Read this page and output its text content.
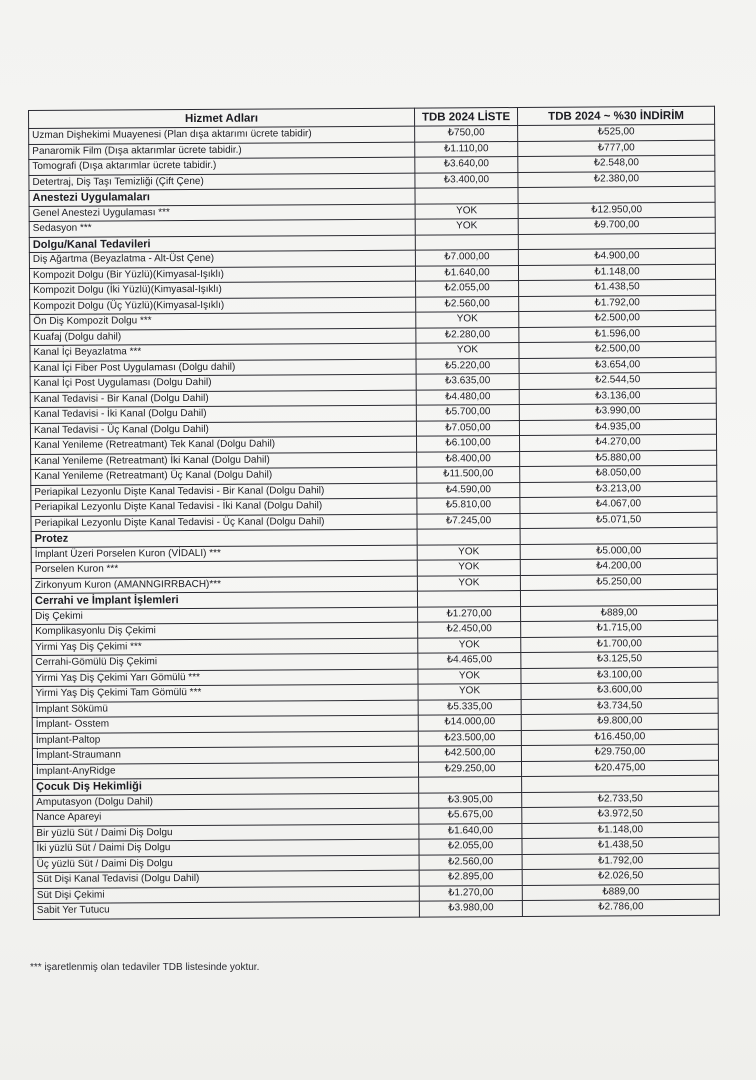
Hizmet Adları	TDB 2024 LİSTE	TDB 2024 ~ %30 İNDİRİM
Uzman Dişhekimi Muayenesi (Plan dışa aktarımı ücrete tabidir)	₺750,00	₺525,00
Panaromik Film (Dışa aktarımlar ücrete tabidir.)	₺1.110,00	₺777,00
Tomografi (Dışa aktarımlar ücrete tabidir.)	₺3.640,00	₺2.548,00
Detertraj, Diş Taşı Temizliği (Çift Çene)	₺3.400,00	₺2.380,00
Anestezi Uygulamaları		
Genel Anestezi Uygulaması ***	YOK	₺12.950,00
Sedasyon ***	YOK	₺9.700,00
Dolgu/Kanal Tedavileri		
Diş Ağartma (Beyazlatma - Alt-Üst Çene)	₺7.000,00	₺4.900,00
Kompozit Dolgu (Bir Yüzlü)(Kimyasal-Işıklı)	₺1.640,00	₺1.148,00
Kompozit Dolgu (İki Yüzlü)(Kimyasal-Işıklı)	₺2.055,00	₺1.438,50
Kompozit Dolgu (Üç Yüzlü)(Kimyasal-Işıklı)	₺2.560,00	₺1.792,00
Ön Diş Kompozit Dolgu ***	YOK	₺2.500,00
Kuafaj (Dolgu dahil)	₺2.280,00	₺1.596,00
Kanal İçi Beyazlatma ***	YOK	₺2.500,00
Kanal İçi Fiber Post Uygulaması (Dolgu dahil)	₺5.220,00	₺3.654,00
Kanal İçi Post Uygulaması (Dolgu Dahil)	₺3.635,00	₺2.544,50
Kanal Tedavisi - Bir Kanal (Dolgu Dahil)	₺4.480,00	₺3.136,00
Kanal Tedavisi - İki Kanal (Dolgu Dahil)	₺5.700,00	₺3.990,00
Kanal Tedavisi - Üç Kanal (Dolgu Dahil)	₺7.050,00	₺4.935,00
Kanal Yenileme (Retreatmant) Tek Kanal (Dolgu Dahil)	₺6.100,00	₺4.270,00
Kanal Yenileme (Retreatmant) İki Kanal (Dolgu Dahil)	₺8.400,00	₺5.880,00
Kanal Yenileme (Retreatmant) Üç Kanal (Dolgu Dahil)	₺11.500,00	₺8.050,00
Periapikal Lezyonlu Dişte Kanal Tedavisi - Bir Kanal (Dolgu Dahil)	₺4.590,00	₺3.213,00
Periapikal Lezyonlu Dişte Kanal Tedavisi - İki Kanal (Dolgu Dahil)	₺5.810,00	₺4.067,00
Periapikal Lezyonlu Dişte Kanal Tedavisi - Üç Kanal (Dolgu Dahil)	₺7.245,00	₺5.071,50
Protez		
İmplant Üzeri Porselen Kuron (VİDALI) ***	YOK	₺5.000,00
Porselen Kuron ***	YOK	₺4.200,00
Zirkonyum Kuron (AMANNGIRRBACH)***	YOK	₺5.250,00
Cerrahi ve İmplant İşlemleri		
Diş Çekimi	₺1.270,00	₺889,00
Komplikasyonlu Diş Çekimi	₺2.450,00	₺1.715,00
Yirmi Yaş Diş Çekimi ***	YOK	₺1.700,00
Cerrahi-Gömülü Diş Çekimi	₺4.465,00	₺3.125,50
Yirmi Yaş Diş Çekimi Yarı Gömülü ***	YOK	₺3.100,00
Yirmi Yaş Diş Çekimi Tam Gömülü ***	YOK	₺3.600,00
İmplant Sökümü	₺5.335,00	₺3.734,50
İmplant- Osstem	₺14.000,00	₺9.800,00
İmplant-Paltop	₺23.500,00	₺16.450,00
İmplant-Straumann	₺42.500,00	₺29.750,00
İmplant-AnyRidge	₺29.250,00	₺20.475,00
Çocuk Diş Hekimliği		
Amputasyon (Dolgu Dahil)	₺3.905,00	₺2.733,50
Nance Apareyi	₺5.675,00	₺3.972,50
Bir yüzlü Süt / Daimi Diş Dolgu	₺1.640,00	₺1.148,00
İki yüzlü Süt / Daimi Diş Dolgu	₺2.055,00	₺1.438,50
Üç yüzlü Süt / Daimi Diş Dolgu	₺2.560,00	₺1.792,00
Süt Dişi Kanal Tedavisi (Dolgu Dahil)	₺2.895,00	₺2.026,50
Süt Dişi Çekimi	₺1.270,00	₺889,00
Sabit Yer Tutucu	₺3.980,00	₺2.786,00
*** işaretlenmiş olan tedaviler TDB listesinde yoktur.
